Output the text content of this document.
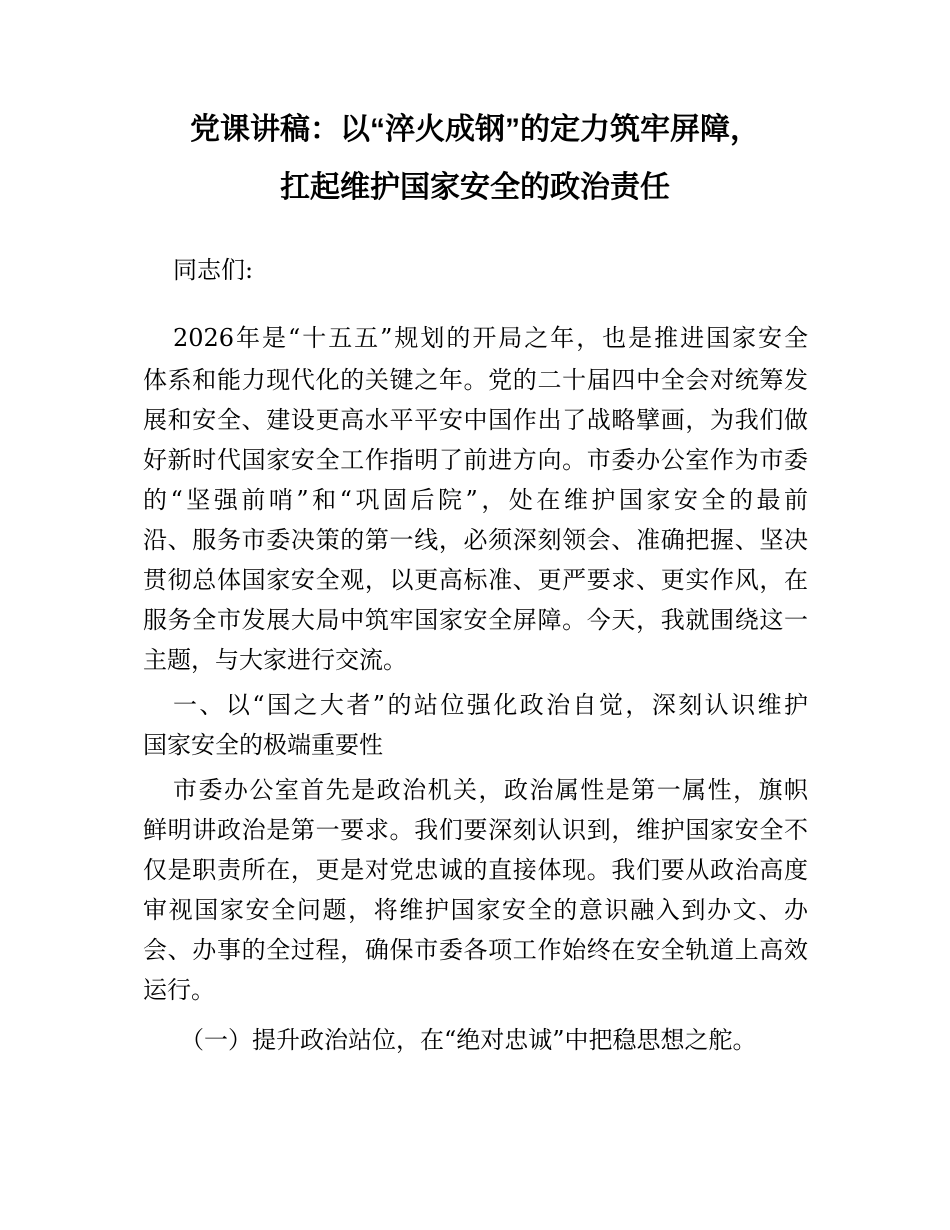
党课讲稿：以“淬火成钢”的定力筑牢屏障，
扛起维护国家安全的政治责任
同志们:
2026年是“十五五”规划的开局之年，也是推进国家安全
体系和能力现代化的关键之年。党的二十届四中全会对统筹发
展和安全、建设更高水平平安中国作出了战略擘画，为我们做
好新时代国家安全工作指明了前进方向。市委办公室作为市委
的“坚强前哨”和“巩固后院”，处在维护国家安全的最前
沿、服务市委决策的第一线，必须深刻领会、准确把握、坚决
贯彻总体国家安全观，以更高标准、更严要求、更实作风，在
服务全市发展大局中筑牢国家安全屏障。今天，我就围绕这一
主题，与大家进行交流。
一、以“国之大者”的站位强化政治自觉，深刻认识维护
国家安全的极端重要性
市委办公室首先是政治机关，政治属性是第一属性，旗帜
鲜明讲政治是第一要求。我们要深刻认识到，维护国家安全不
仅是职责所在，更是对党忠诚的直接体现。我们要从政治高度
审视国家安全问题，将维护国家安全的意识融入到办文、办
会、办事的全过程，确保市委各项工作始终在安全轨道上高效
运行。
（一）提升政治站位，在“绝对忠诚”中把稳思想之舵。
